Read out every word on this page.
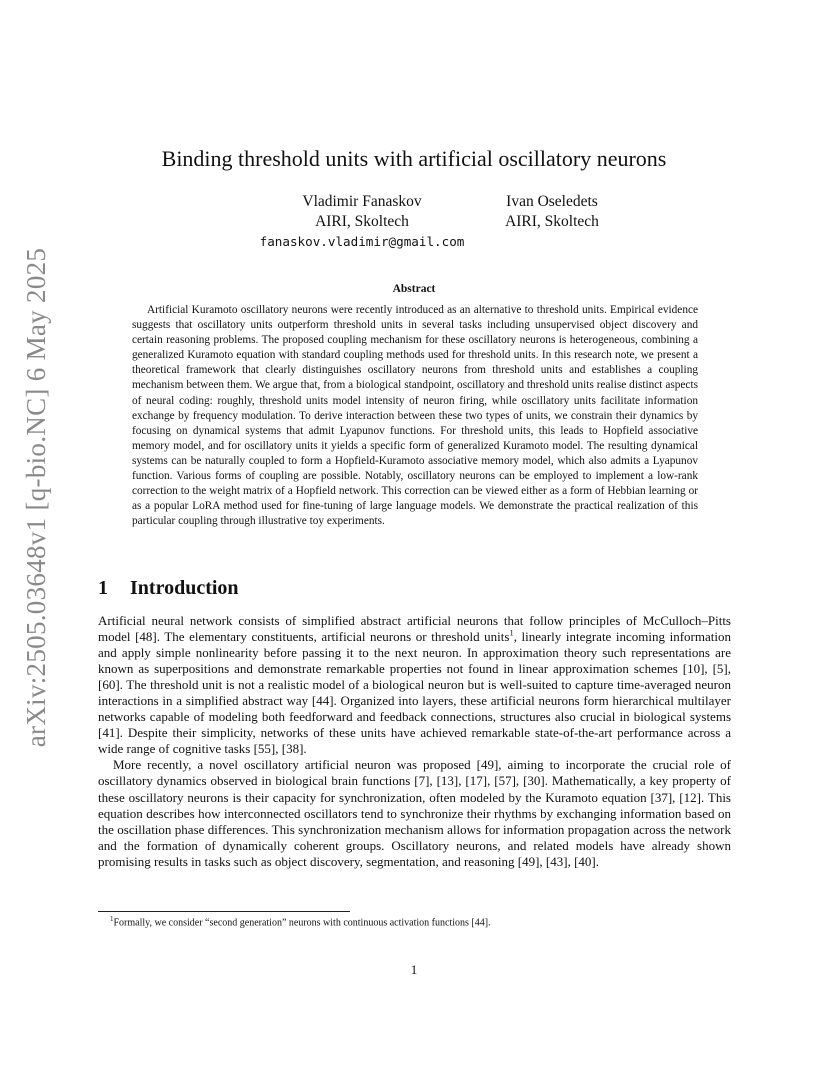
arXiv:2505.03648v1 [q-bio.NC] 6 May 2025
Binding threshold units with artificial oscillatory neurons
Vladimir Fanaskov
AIRI, Skoltech
fanaskov.vladimir@gmail.com
Ivan Oseledets
AIRI, Skoltech
Abstract

Artificial Kuramoto oscillatory neurons were recently introduced as an alternative to threshold units. Empirical evidence suggests that oscillatory units outperform threshold units in several tasks including unsupervised object discovery and certain reasoning problems. The proposed coupling mechanism for these oscillatory neurons is heterogeneous, combining a generalized Kuramoto equation with standard coupling methods used for threshold units. In this research note, we present a theoretical framework that clearly distinguishes oscillatory neurons from threshold units and establishes a coupling mechanism between them. We argue that, from a biological standpoint, oscillatory and threshold units realise distinct aspects of neural coding: roughly, threshold units model intensity of neuron firing, while oscillatory units facilitate information exchange by frequency modulation. To derive interaction between these two types of units, we constrain their dynamics by focusing on dynamical systems that admit Lyapunov functions. For threshold units, this leads to Hopfield associative memory model, and for oscillatory units it yields a specific form of generalized Kuramoto model. The resulting dynamical systems can be naturally coupled to form a Hopfield-Kuramoto associative memory model, which also admits a Lyapunov function. Various forms of coupling are possible. Notably, oscillatory neurons can be employed to implement a low-rank correction to the weight matrix of a Hopfield network. This correction can be viewed either as a form of Hebbian learning or as a popular LoRA method used for fine-tuning of large language models. We demonstrate the practical realization of this particular coupling through illustrative toy experiments.

1 Introduction

Artificial neural network consists of simplified abstract artificial neurons that follow principles of McCulloch–Pitts model [48]. The elementary constituents, artificial neurons or threshold units$^1$, linearly integrate incoming information and apply simple nonlinearity before passing it to the next neuron. In approximation theory such representations are known as superpositions and demonstrate remarkable properties not found in linear approximation schemes [10], [5], [60]. The threshold unit is not a realistic model of a biological neuron but is well-suited to capture time-averaged neuron interactions in a simplified abstract way [44]. Organized into layers, these artificial neurons form hierarchical multilayer networks capable of modeling both feedforward and feedback connections, structures also crucial in biological systems [41]. Despite their simplicity, networks of these units have achieved remarkable state-of-the-art performance across a wide range of cognitive tasks [55], [38].

More recently, a novel oscillatory artificial neuron was proposed [49], aiming to incorporate the crucial role of oscillatory dynamics observed in biological brain functions [7], [13], [17], [57], [30]. Mathematically, a key property of these oscillatory neurons is their capacity for synchronization, often modeled by the Kuramoto equation [37], [12]. This equation describes how interconnected oscillators tend to synchronize their rhythms by exchanging information based on the oscillation phase differences. This synchronization mechanism allows for information propagation across the network and the formation of dynamically coherent groups. Oscillatory neurons, and related models have already shown promising results in tasks such as object discovery, segmentation, and reasoning [49], [43], [40].

$^1$Formally, we consider “second generation” neurons with continuous activation functions [44].
1
